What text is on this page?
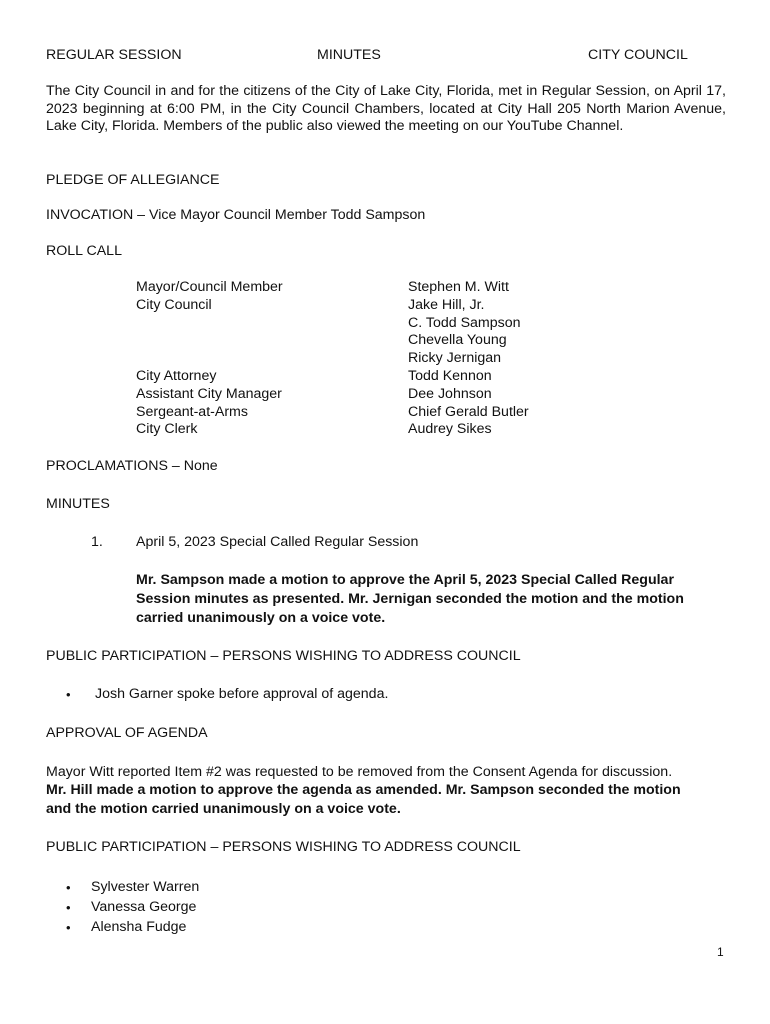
REGULAR SESSION	MINUTES	CITY COUNCIL
The City Council in and for the citizens of the City of Lake City, Florida, met in Regular Session, on April 17, 2023 beginning at 6:00 PM, in the City Council Chambers, located at City Hall 205 North Marion Avenue, Lake City, Florida. Members of the public also viewed the meeting on our YouTube Channel.
PLEDGE OF ALLEGIANCE
INVOCATION – Vice Mayor Council Member Todd Sampson
ROLL CALL
Mayor/Council Member
City Council
City Attorney
Assistant City Manager
Sergeant-at-Arms
City Clerk
Stephen M. Witt
Jake Hill, Jr.
C. Todd Sampson
Chevella Young
Ricky Jernigan
Todd Kennon
Dee Johnson
Chief Gerald Butler
Audrey Sikes
PROCLAMATIONS – None
MINUTES
1. April 5, 2023 Special Called Regular Session
Mr. Sampson made a motion to approve the April 5, 2023 Special Called Regular
Session minutes as presented. Mr. Jernigan seconded the motion and the motion
carried unanimously on a voice vote.
PUBLIC PARTICIPATION – PERSONS WISHING TO ADDRESS COUNCIL
• Josh Garner spoke before approval of agenda.
APPROVAL OF AGENDA
Mayor Witt reported Item #2 was requested to be removed from the Consent Agenda for discussion.
Mr. Hill made a motion to approve the agenda as amended. Mr. Sampson seconded the motion
and the motion carried unanimously on a voice vote.
PUBLIC PARTICIPATION – PERSONS WISHING TO ADDRESS COUNCIL
• Sylvester Warren
• Vanessa George
• Alensha Fudge
1
